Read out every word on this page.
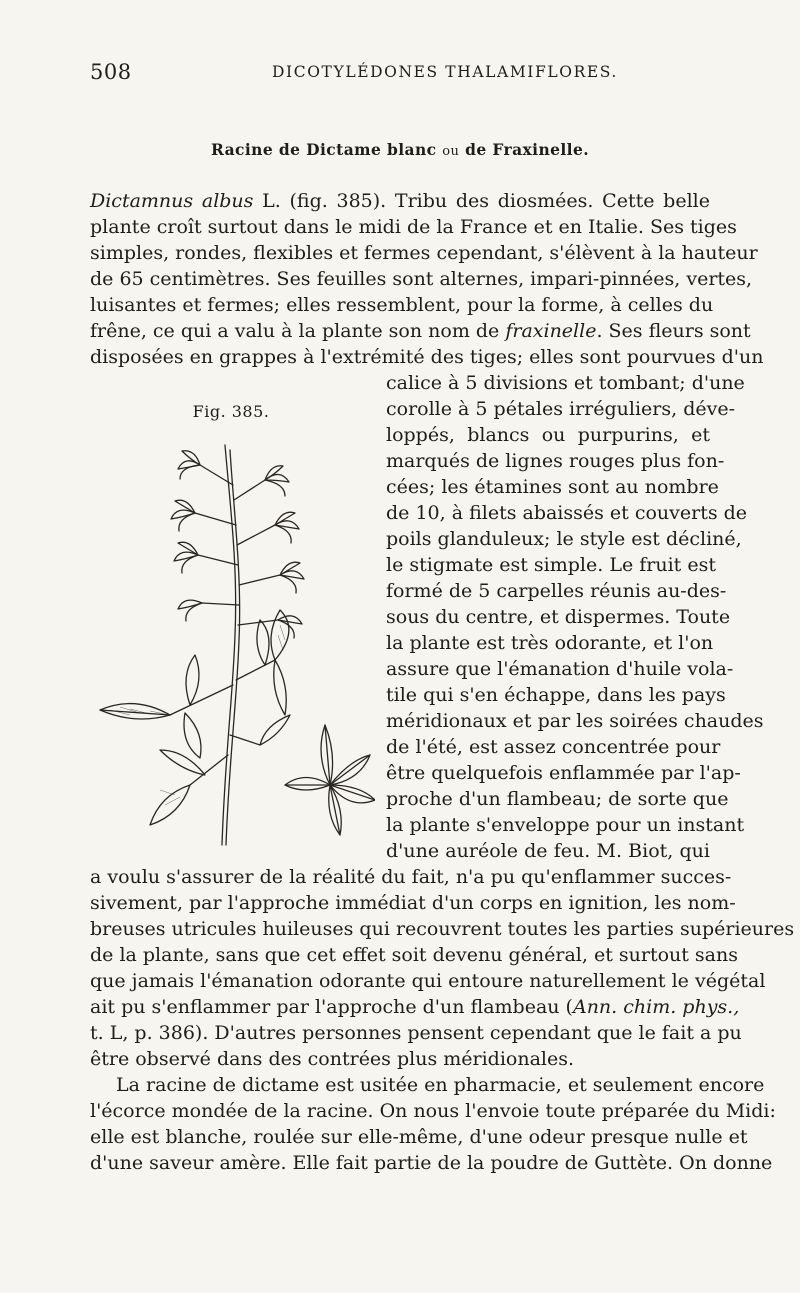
508	DICOTYLÉDONES THALAMIFLORES.
Racine de Dictame blanc ou de Fraxinelle.
Dictamnus albus L. (fig. 385). Tribu des diosmées. Cette belle
plante croît surtout dans le midi de la France et en Italie. Ses tiges
simples, rondes, flexibles et fermes cependant, s'élèvent à la hauteur
de 65 centimètres. Ses feuilles sont alternes, impari-pinnées, vertes,
luisantes et fermes; elles ressemblent, pour la forme, à celles du
frêne, ce qui a valu à la plante son nom de fraxinelle. Ses fleurs sont
disposées en grappes à l'extrémité des tiges; elles sont pourvues d'un
calice à 5 divisions et tombant; d'une
corolle à 5 pétales irréguliers, déve-
loppés, blancs ou purpurins, et
marqués de lignes rouges plus fon-
cées; les étamines sont au nombre
de 10, à filets abaissés et couverts de
poils glanduleux; le style est décliné,
le stigmate est simple. Le fruit est
formé de 5 carpelles réunis au-des-
sous du centre, et dispermes. Toute
la plante est très odorante, et l'on
assure que l'émanation d'huile vola-
tile qui s'en échappe, dans les pays
méridionaux et par les soirées chaudes
de l'été, est assez concentrée pour
être quelquefois enflammée par l'ap-
proche d'un flambeau; de sorte que
la plante s'enveloppe pour un instant
d'une auréole de feu. M. Biot, qui
a voulu s'assurer de la réalité du fait, n'a pu qu'enflammer succes-
sivement, par l'approche immédiat d'un corps en ignition, les nom-
breuses utricules huileuses qui recouvrent toutes les parties supérieures
de la plante, sans que cet effet soit devenu général, et surtout sans
que jamais l'émanation odorante qui entoure naturellement le végétal
ait pu s'enflammer par l'approche d'un flambeau (Ann. chim. phys.,
t. L, p. 386). D'autres personnes pensent cependant que le fait a pu
être observé dans des contrées plus méridionales.
La racine de dictame est usitée en pharmacie, et seulement encore
l'écorce mondée de la racine. On nous l'envoie toute préparée du Midi:
elle est blanche, roulée sur elle-même, d'une odeur presque nulle et
d'une saveur amère. Elle fait partie de la poudre de Guttète. On donne
Fig. 385.
